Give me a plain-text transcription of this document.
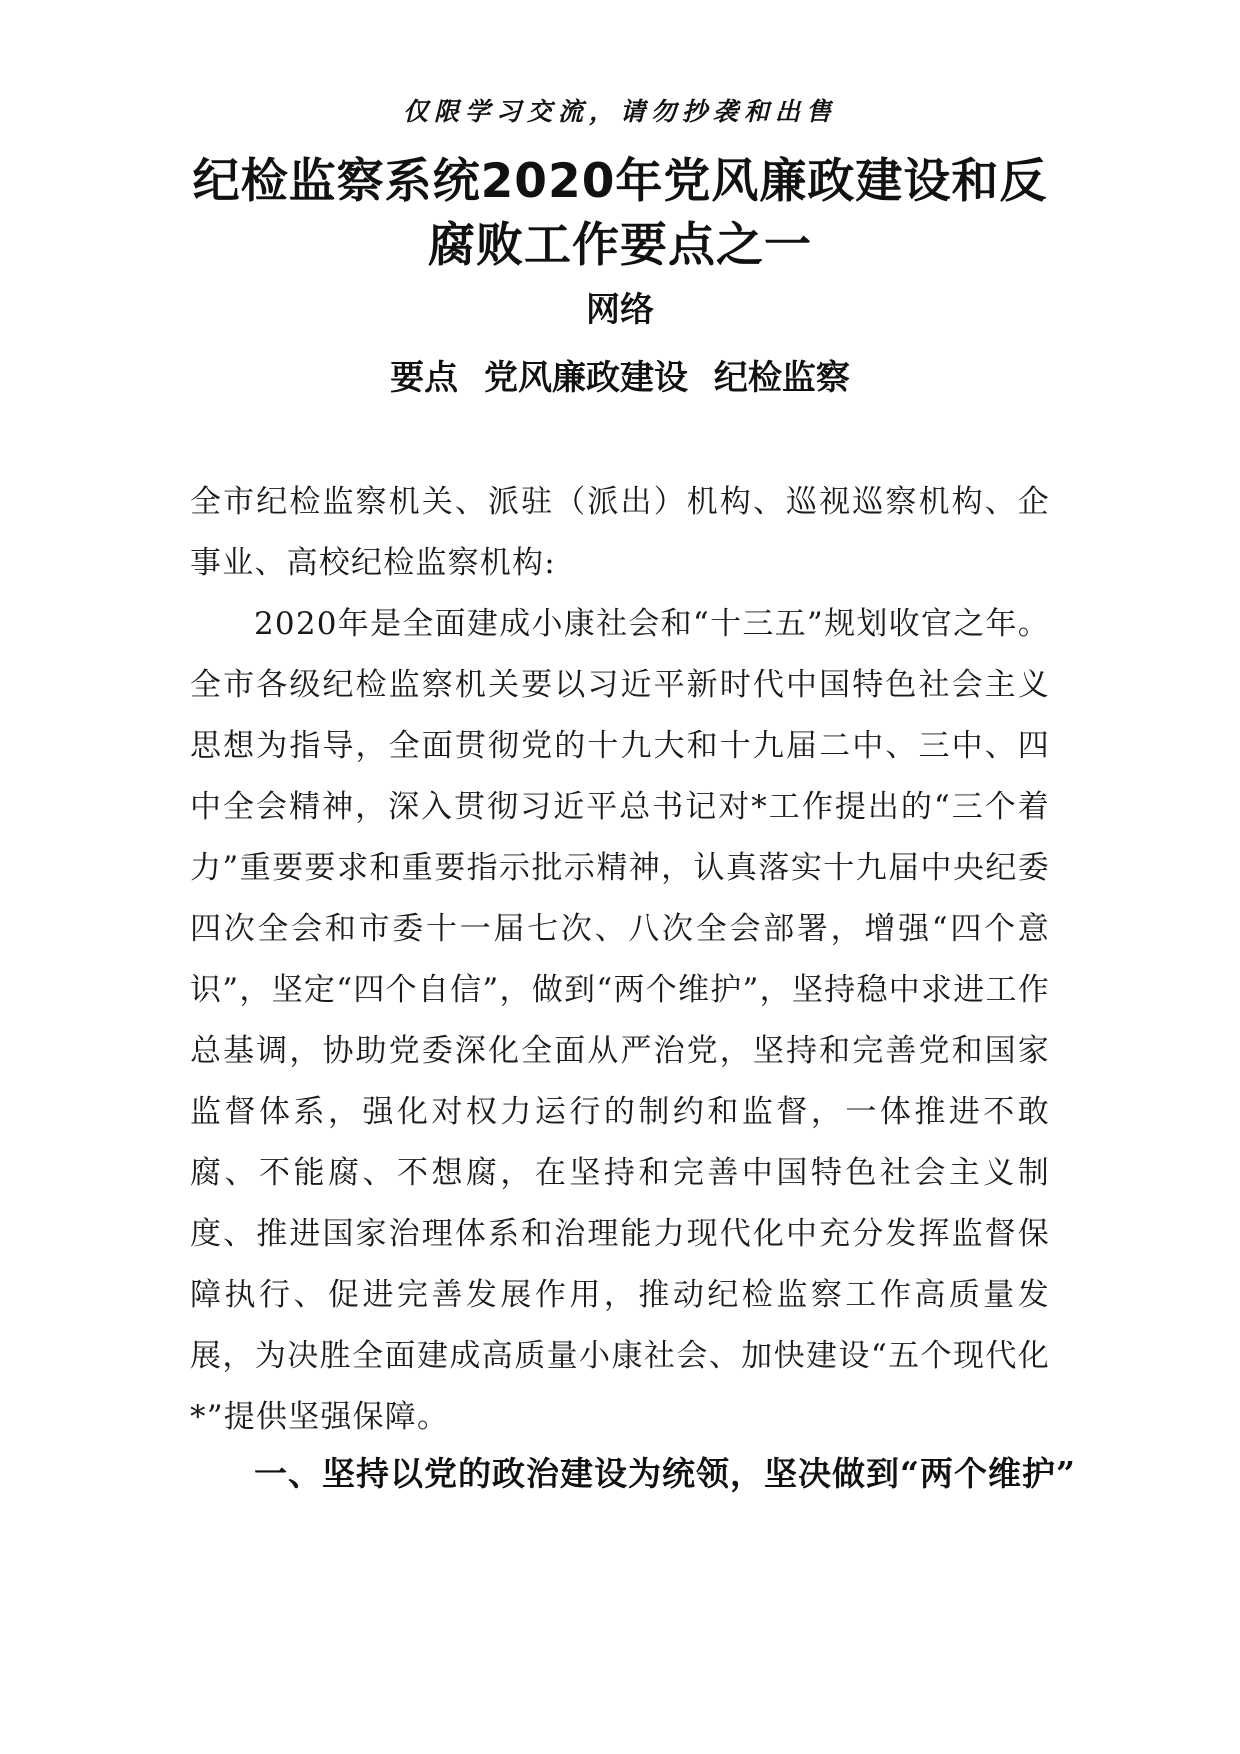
仅限学习交流，请勿抄袭和出售
纪检监察系统2020年党风廉政建设和反腐败工作要点之一
网络
要点 党风廉政建设 纪检监察

全市纪检监察机关、派驻（派出）机构、巡视巡察机构、企事业、高校纪检监察机构:

2020年是全面建成小康社会和“十三五”规划收官之年。全市各级纪检监察机关要以习近平新时代中国特色社会主义思想为指导，全面贯彻党的十九大和十九届二中、三中、四中全会精神，深入贯彻习近平总书记对*工作提出的“三个着力”重要要求和重要指示批示精神，认真落实十九届中央纪委四次全会和市委十一届七次、八次全会部署，增强“四个意识”，坚定“四个自信”，做到“两个维护”，坚持稳中求进工作总基调，协助党委深化全面从严治党，坚持和完善党和国家监督体系，强化对权力运行的制约和监督，一体推进不敢腐、不能腐、不想腐，在坚持和完善中国特色社会主义制度、推进国家治理体系和治理能力现代化中充分发挥监督保障执行、促进完善发展作用，推动纪检监察工作高质量发展，为决胜全面建成高质量小康社会、加快建设“五个现代化*”提供坚强保障。

一、坚持以党的政治建设为统领，坚决做到“两个维护”
